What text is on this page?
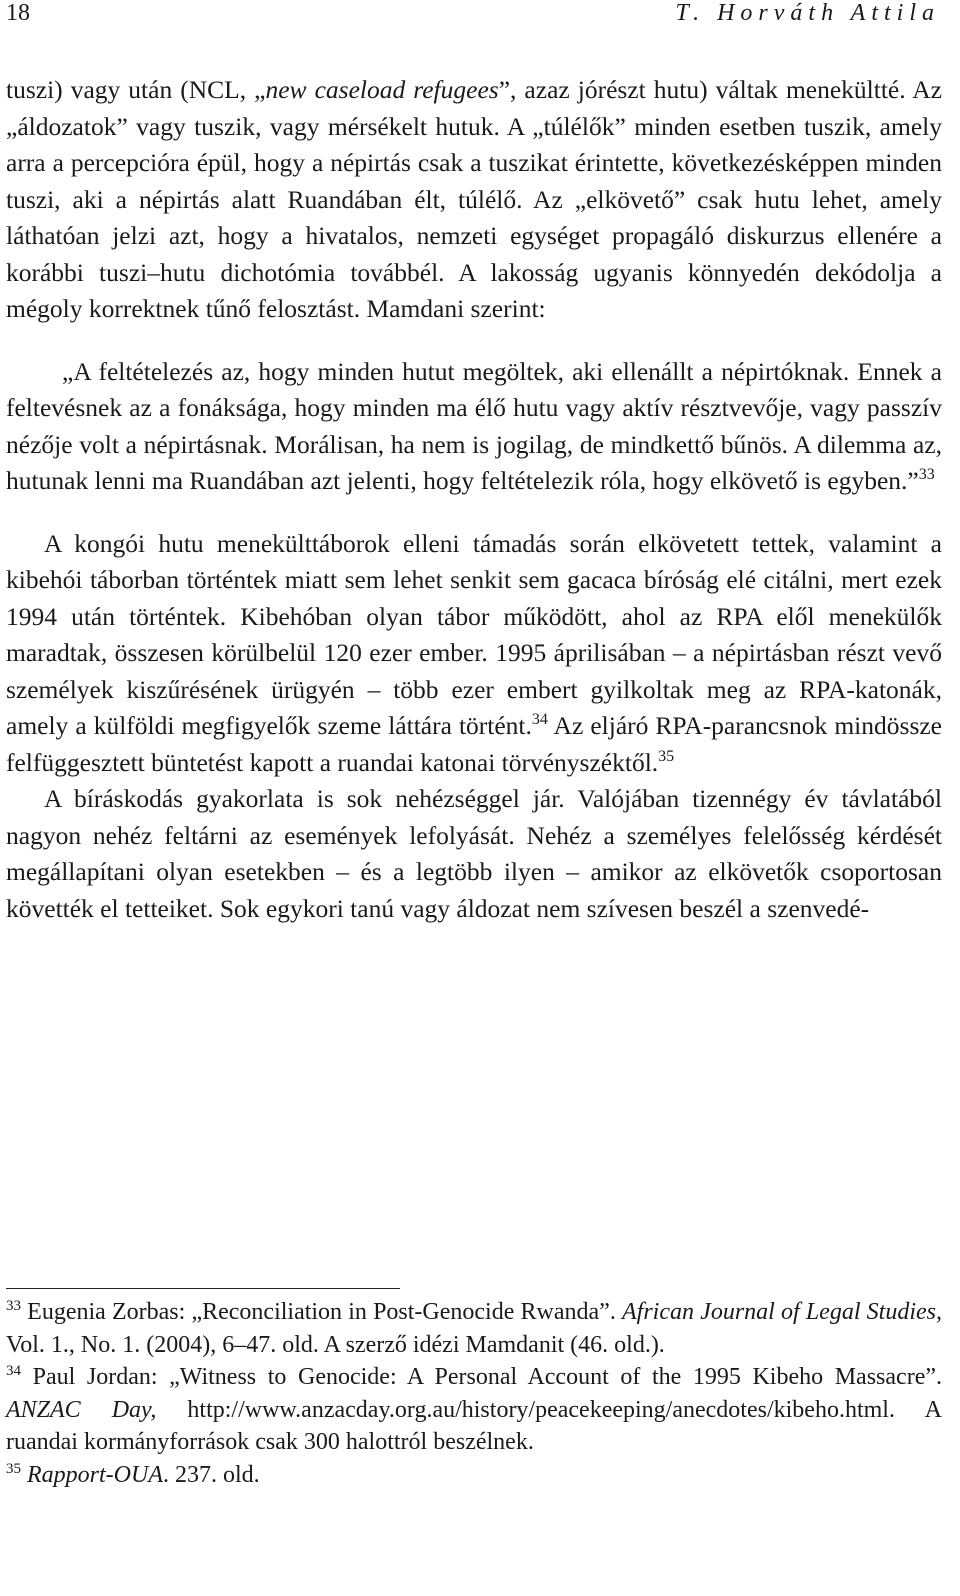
18	T. Horváth Attila

tuszi) vagy után (NCL, „new caseload refugees”, azaz jórészt hutu) váltak menekültté. Az „áldozatok” vagy tuszik, vagy mérsékelt hutuk. A „túlélők” minden esetben tuszik, amely arra a percepcióra épül, hogy a népirtás csak a tuszikat érintette, következésképpen minden tuszi, aki a népirtás alatt Ruandában élt, túlélő. Az „elkövető” csak hutu lehet, amely láthatóan jelzi azt, hogy a hivatalos, nemzeti egységet propagáló diskurzus ellenére a korábbi tuszi–hutu dichotómia továbbél. A lakosság ugyanis könnyedén dekódolja a mégoly korrektnek tűnő felosztást. Mamdani szerint:

„A feltételezés az, hogy minden hutut megöltek, aki ellenállt a népirtóknak. Ennek a feltevésnek az a fonáksága, hogy minden ma élő hutu vagy aktív résztvevője, vagy passzív nézője volt a népirtásnak. Morálisan, ha nem is jogilag, de mindkettő bűnös. A dilemma az, hutunak lenni ma Ruandában azt jelenti, hogy feltételezik róla, hogy elkövető is egyben.”$^{33}$

A kongói hutu menekülttáborok elleni támadás során elkövetett tettek, valamint a kibehói táborban történtek miatt sem lehet senkit sem gacaca bíróság elé citálni, mert ezek 1994 után történtek. Kibehóban olyan tábor működött, ahol az RPA elől menekülők maradtak, összesen körülbelül 120 ezer ember. 1995 áprilisában – a népirtásban részt vevő személyek kiszűrésének ürügyén – több ezer embert gyilkoltak meg az RPA-katonák, amely a külföldi megfigyelők szeme láttára történt.$^{34}$ Az eljáró RPA-parancsnok mindössze felfüggesztett büntetést kapott a ruandai katonai törvényszéktől.$^{35}$

A bíráskodás gyakorlata is sok nehézséggel jár. Valójában tizennégy év távlatából nagyon nehéz feltárni az események lefolyását. Nehéz a személyes felelősség kérdését megállapítani olyan esetekben – és a legtöbb ilyen – amikor az elkövetők csoportosan követték el tetteiket. Sok egykori tanú vagy áldozat nem szívesen beszél a szenvedé-

$^{33}$ Eugenia Zorbas: „Reconciliation in Post-Genocide Rwanda”. African Journal of Legal Studies, Vol. 1., No. 1. (2004), 6–47. old. A szerző idézi Mamdanit (46. old.).

$^{34}$ Paul Jordan: „Witness to Genocide: A Personal Account of the 1995 Kibeho Massacre”. ANZAC Day, http://www.anzacday.org.au/history/peacekeeping/anecdotes/kibeho.html. A ruandai kormányforrások csak 300 halottról beszélnek.

$^{35}$ Rapport-OUA. 237. old.
